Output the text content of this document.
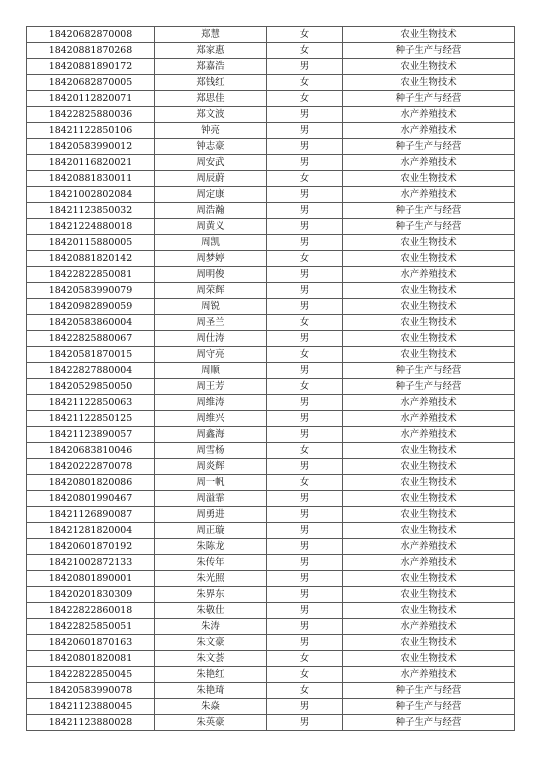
18420682870008	郑慧	女	农业生物技术
18420881870268	郑家惠	女	种子生产与经营
18420881890172	郑嘉浩	男	农业生物技术
18420682870005	郑钱红	女	农业生物技术
18420112820071	郑思佳	女	种子生产与经营
18422825880036	郑文波	男	水产养殖技术
18421122850106	钟亮	男	水产养殖技术
18420583990012	钟志豪	男	种子生产与经营
18420116820021	周安武	男	水产养殖技术
18420881830011	周辰蔚	女	农业生物技术
18421002802084	周定康	男	水产养殖技术
18421123850032	周浩瀚	男	种子生产与经营
18421224880018	周黄义	男	种子生产与经营
18420115880005	周凯	男	农业生物技术
18420881820142	周梦婷	女	农业生物技术
18422822850081	周明俊	男	水产养殖技术
18420583990079	周荣辉	男	农业生物技术
18420982890059	周锐	男	农业生物技术
18420583860004	周圣兰	女	农业生物技术
18422825880067	周仕涛	男	农业生物技术
18420581870015	周守亮	女	农业生物技术
18422827880004	周顺	男	种子生产与经营
18420529850050	周王芳	女	种子生产与经营
18421122850063	周维涛	男	水产养殖技术
18421122850125	周维兴	男	水产养殖技术
18421123890057	周鑫海	男	水产养殖技术
18420683810046	周雪杨	女	农业生物技术
18420222870078	周炎辉	男	农业生物技术
18420801820086	周一帆	女	农业生物技术
18420801990467	周溢霏	男	农业生物技术
18421126890087	周勇进	男	农业生物技术
18421281820004	周正璇	男	农业生物技术
18420601870192	朱陈龙	男	水产养殖技术
18421002872133	朱传年	男	水产养殖技术
18420801890001	朱光照	男	农业生物技术
18420201830309	朱界东	男	农业生物技术
18422822860018	朱敬仕	男	农业生物技术
18422825850051	朱涛	男	水产养殖技术
18420601870163	朱文豪	男	农业生物技术
18420801820081	朱文荟	女	农业生物技术
18422822850045	朱艳红	女	水产养殖技术
18420583990078	朱艳琦	女	种子生产与经营
18421123880045	朱焱	男	种子生产与经营
18421123880028	朱英豪	男	种子生产与经营
